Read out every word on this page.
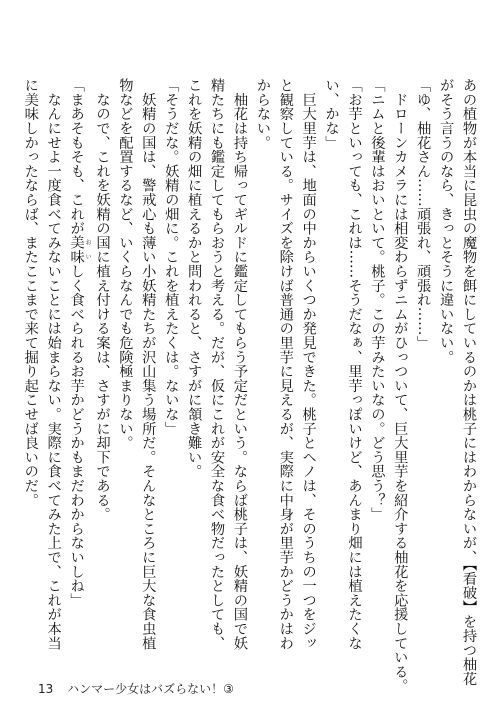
あの植物が本当に昆虫の魔物を餌にしているのかは桃子にはわからないが、【看破】を持つ柚花
がそう言うのなら、きっとそうに違いない。
「ゆ、柚花さん……頑張れ、頑張れ……」
　ドローンカメラには相変わらずニムがひっついて、巨大里芋を紹介する柚花を応援している。
「ニムと後輩はおいといて。桃子。この芋みたいなの。どう思う？」
「お芋といっても、これは……そうだなぁ、里芋っぽいけど、あんまり畑には植えたくない、かな」
　巨大里芋は、地面の中からいくつか発見できた。桃子とヘノは、そのうちの一つをジッと観察している。サイズを除けば普通の里芋に見えるが、実際に中身が里芋かどうかはわからない。
　柚花は持ち帰ってギルドに鑑定してもらう予定だという。ならば桃子は、妖精の国で妖精たちにも鑑定してもらおうと考える。だが、仮にこれが安全な食べ物だったとしても、これを妖精の畑に植えるかと問われると、さすがに頷き難い。
「そうだな。妖精の畑に。これを植えたくは。ないな」
　妖精の国は、警戒心も薄い小妖精たちが沢山集う場所だ。そんなところに巨大な食虫植物などを配置するなど、いくらなんでも危険極まりない。
　なので、これを妖精の国に植え付ける案は、さすがに却下である。
「まあそもそも、これが美味 おいしく食べられるお芋かどうかもまだわからないしね」
　なんにせよ一度食べてみないことには始まらない。実際に食べてみた上で、これが本当に美味しかったならば、またここまで来て掘り起こせば良いのだ。
13 ハンマー少女はバズらない！③
